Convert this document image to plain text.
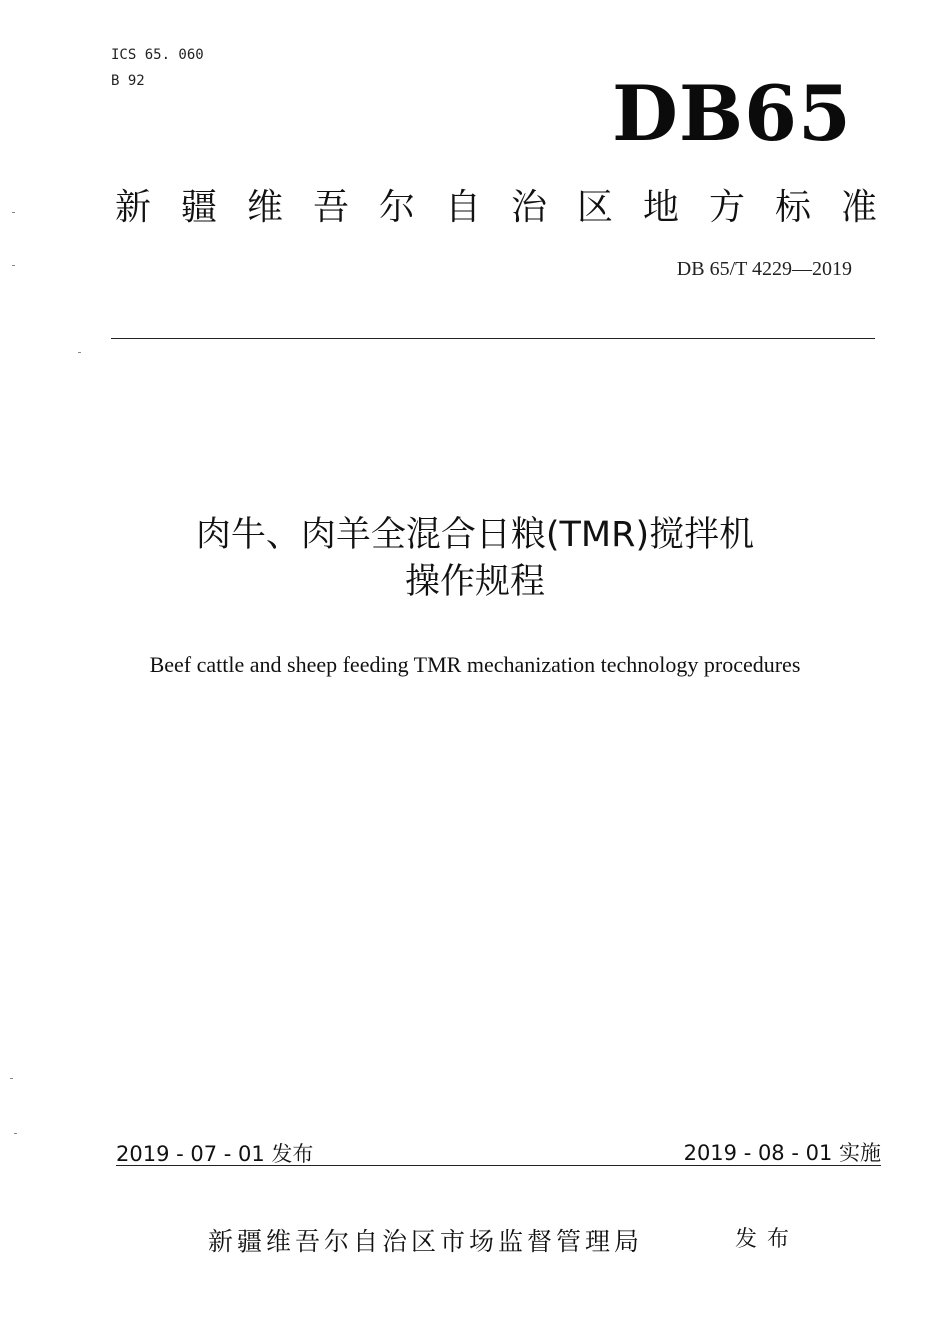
ICS 65. 060
B 92	DB65
新 疆 维 吾 尔 自 治 区 地 方 标 准
DB 65/T 4229—2019
肉牛、肉羊全混合日粮(TMR)搅拌机
操作规程
Beef cattle and sheep feeding TMR mechanization technology procedures
2019 - 07 - 01 发布	2019 - 08 - 01 实施
新疆维吾尔自治区市场监督管理局	发布
